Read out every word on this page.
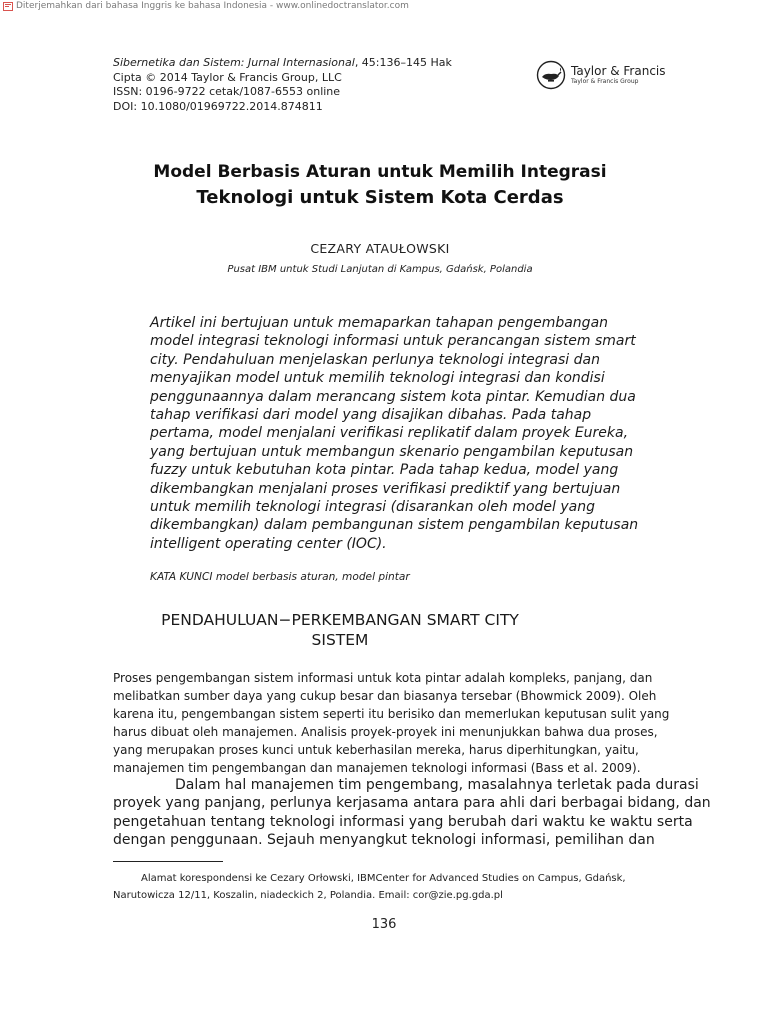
Diterjemahkan dari bahasa Inggris ke bahasa Indonesia - www.onlinedoctranslator.com
Sibernetika dan Sistem: Jurnal Internasional, 45:136–145 Hak
Cipta © 2014 Taylor & Francis Group, LLC
ISSN: 0196-9722 cetak/1087-6553 online
DOI: 10.1080/01969722.2014.874811
Taylor & Francis
Taylor & Francis Group
Model Berbasis Aturan untuk Memilih Integrasi
Teknologi untuk Sistem Kota Cerdas
CEZARY ATAUŁOWSKI
Pusat IBM untuk Studi Lanjutan di Kampus, Gdańsk, Polandia
Artikel ini bertujuan untuk memaparkan tahapan pengembangan
model integrasi teknologi informasi untuk perancangan sistem smart
city. Pendahuluan menjelaskan perlunya teknologi integrasi dan
menyajikan model untuk memilih teknologi integrasi dan kondisi
penggunaannya dalam merancang sistem kota pintar. Kemudian dua
tahap verifikasi dari model yang disajikan dibahas. Pada tahap
pertama, model menjalani verifikasi replikatif dalam proyek Eureka,
yang bertujuan untuk membangun skenario pengambilan keputusan
fuzzy untuk kebutuhan kota pintar. Pada tahap kedua, model yang
dikembangkan menjalani proses verifikasi prediktif yang bertujuan
untuk memilih teknologi integrasi (disarankan oleh model yang
dikembangkan) dalam pembangunan sistem pengambilan keputusan
intelligent operating center (IOC).
KATA KUNCI model berbasis aturan, model pintar
PENDAHULUAN−PERKEMBANGAN SMART CITY
SISTEM
Proses pengembangan sistem informasi untuk kota pintar adalah kompleks, panjang, dan
melibatkan sumber daya yang cukup besar dan biasanya tersebar (Bhowmick 2009). Oleh
karena itu, pengembangan sistem seperti itu berisiko dan memerlukan keputusan sulit yang
harus dibuat oleh manajemen. Analisis proyek-proyek ini menunjukkan bahwa dua proses,
yang merupakan proses kunci untuk keberhasilan mereka, harus diperhitungkan, yaitu,
manajemen tim pengembangan dan manajemen teknologi informasi (Bass et al. 2009).
Dalam hal manajemen tim pengembang, masalahnya terletak pada durasi
proyek yang panjang, perlunya kerjasama antara para ahli dari berbagai bidang, dan
pengetahuan tentang teknologi informasi yang berubah dari waktu ke waktu serta
dengan penggunaan. Sejauh menyangkut teknologi informasi, pemilihan dan
Alamat korespondensi ke Cezary Orłowski, IBMCenter for Advanced Studies on Campus, Gdańsk,
Narutowicza 12/11, Koszalin, niadeckich 2, Polandia. Email: cor@zie.pg.gda.pl
136
